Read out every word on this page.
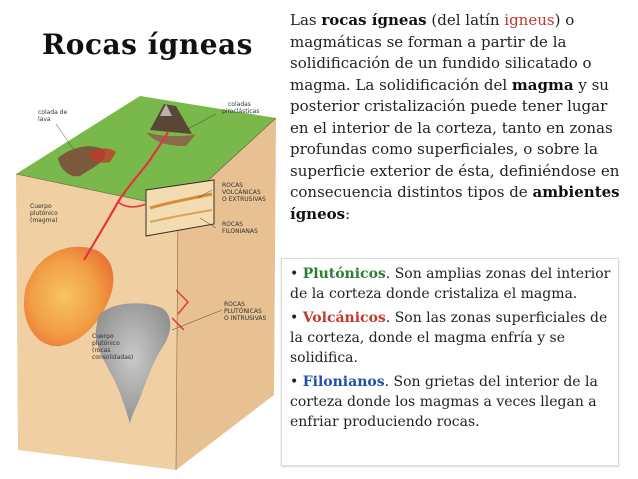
Rocas ígneas
Las rocas ígneas (del latín igneus) o magmáticas se forman a partir de la solidificación de un fundido silicatado o magma. La solidificación del magma y su posterior cristalización puede tener lugar en el interior de la corteza, tanto en zonas profundas como superficiales, o sobre la superficie exterior de ésta, definiéndose en consecuencia distintos tipos de ambientes ígneos:

• Plutónicos. Son amplias zonas del interior de la corteza donde cristaliza el magma.

• Volcánicos. Son las zonas superficiales de la corteza, donde el magma enfría y se solidifica.

• Filonianos. Son grietas del interior de la corteza donde los magmas a veces llegan a enfriar produciendo rocas.

colada de
lava
coladas
piroclásticas
ROCAS
VOLCÁNICAS
O EXTRUSIVAS
ROCAS
FILONIANAS
ROCAS
PLUTÓNICAS
O INTRUSIVAS
Cuerpo
plutónico
(magma)
Cuerpo
plutónico
(rocas
consolidadas)
